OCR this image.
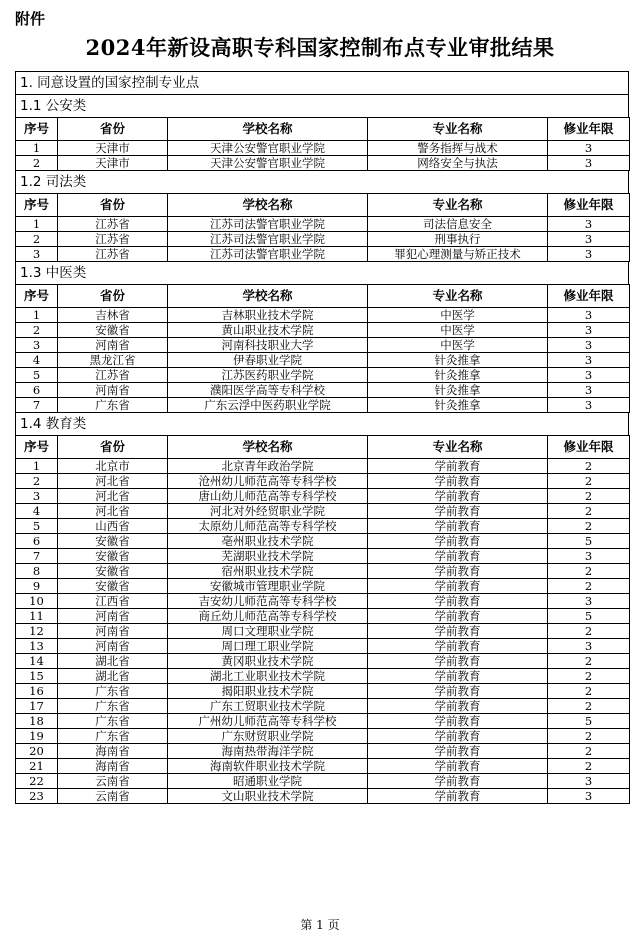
附件
2024年新设高职专科国家控制布点专业审批结果
1. 同意设置的国家控制专业点
1.1 公安类
序号	省份	学校名称	专业名称	修业年限
1	天津市	天津公安警官职业学院	警务指挥与战术	3
2	天津市	天津公安警官职业学院	网络安全与执法	3
1.2 司法类
序号	省份	学校名称	专业名称	修业年限
1	江苏省	江苏司法警官职业学院	司法信息安全	3
2	江苏省	江苏司法警官职业学院	刑事执行	3
3	江苏省	江苏司法警官职业学院	罪犯心理测量与矫正技术	3
1.3 中医类
序号	省份	学校名称	专业名称	修业年限
1	吉林省	吉林职业技术学院	中医学	3
2	安徽省	黄山职业技术学院	中医学	3
3	河南省	河南科技职业大学	中医学	3
4	黑龙江省	伊春职业学院	针灸推拿	3
5	江苏省	江苏医药职业学院	针灸推拿	3
6	河南省	濮阳医学高等专科学校	针灸推拿	3
7	广东省	广东云浮中医药职业学院	针灸推拿	3
1.4 教育类
序号	省份	学校名称	专业名称	修业年限
1	北京市	北京青年政治学院	学前教育	2
2	河北省	沧州幼儿师范高等专科学校	学前教育	2
3	河北省	唐山幼儿师范高等专科学校	学前教育	2
4	河北省	河北对外经贸职业学院	学前教育	2
5	山西省	太原幼儿师范高等专科学校	学前教育	2
6	安徽省	亳州职业技术学院	学前教育	5
7	安徽省	芜湖职业技术学院	学前教育	3
8	安徽省	宿州职业技术学院	学前教育	2
9	安徽省	安徽城市管理职业学院	学前教育	2
10	江西省	吉安幼儿师范高等专科学校	学前教育	3
11	河南省	商丘幼儿师范高等专科学校	学前教育	5
12	河南省	周口文理职业学院	学前教育	2
13	河南省	周口理工职业学院	学前教育	3
14	湖北省	黄冈职业技术学院	学前教育	2
15	湖北省	湖北工业职业技术学院	学前教育	2
16	广东省	揭阳职业技术学院	学前教育	2
17	广东省	广东工贸职业技术学院	学前教育	2
18	广东省	广州幼儿师范高等专科学校	学前教育	5
19	广东省	广东财贸职业学院	学前教育	2
20	海南省	海南热带海洋学院	学前教育	2
21	海南省	海南软件职业技术学院	学前教育	2
22	云南省	昭通职业学院	学前教育	3
23	云南省	文山职业技术学院	学前教育	3
第 1 页
